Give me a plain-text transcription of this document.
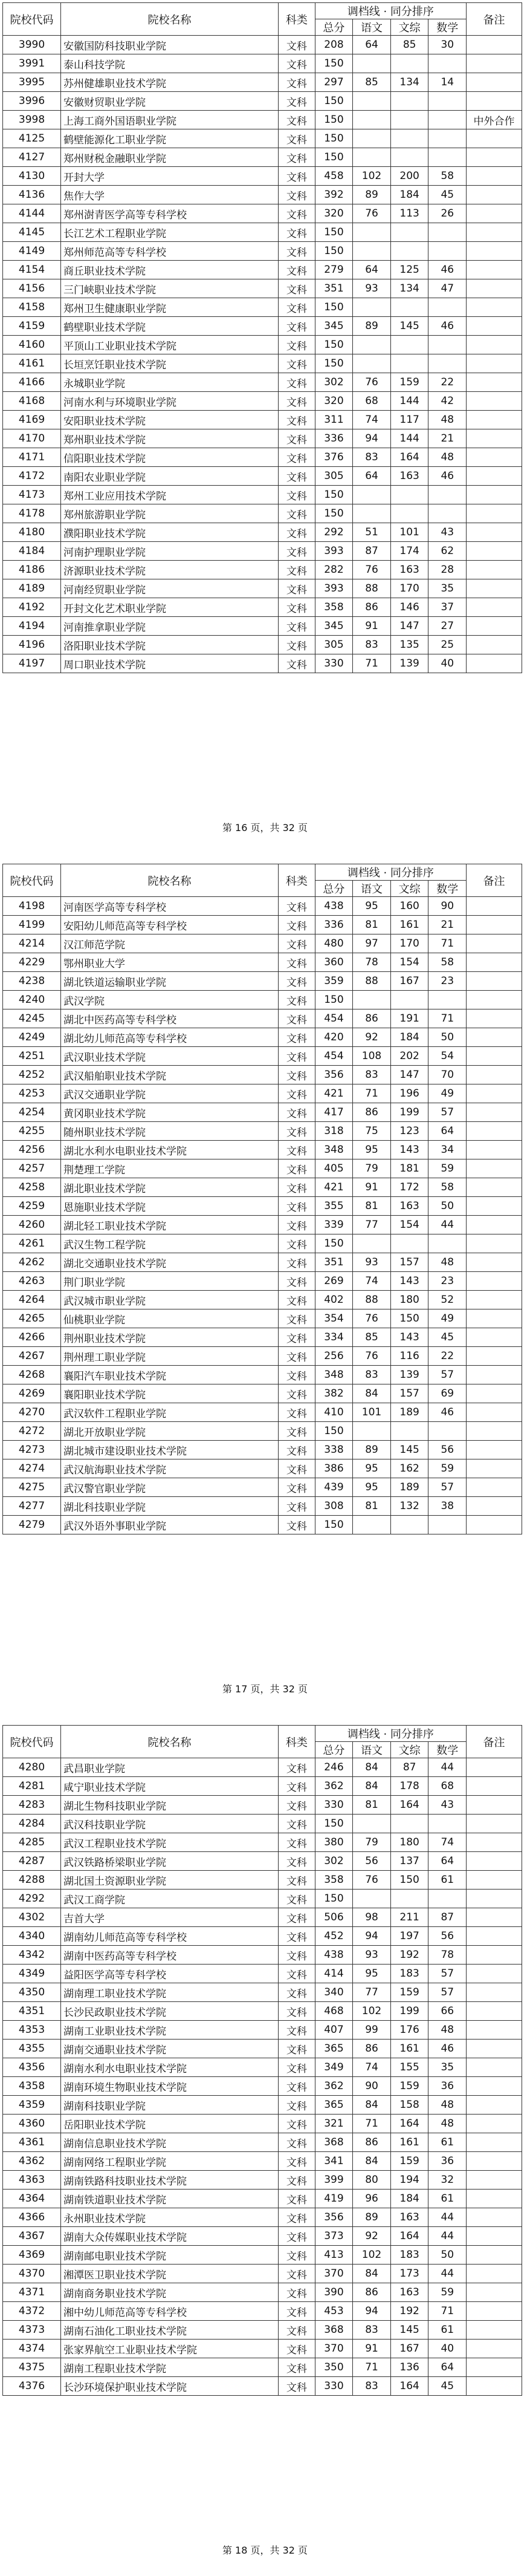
院校代码	院校名称	科类	调档线 · 同分排序				备注
			总分	语文	文综	数学	
3990	安徽国防科技职业学院	文科	208	64	85	30	
3991	泰山科技学院	文科	150				
3995	苏州健雄职业技术学院	文科	297	85	134	14	
3996	安徽财贸职业学院	文科	150				
3998	上海工商外国语职业学院	文科	150				中外合作
4125	鹤壁能源化工职业学院	文科	150				
4127	郑州财税金融职业学院	文科	150				
4130	开封大学	文科	458	102	200	58	
4136	焦作大学	文科	392	89	184	45	
4144	郑州澍青医学高等专科学校	文科	320	76	113	26	
4145	长江艺术工程职业学院	文科	150				
4149	郑州师范高等专科学校	文科	150				
4154	商丘职业技术学院	文科	279	64	125	46	
4156	三门峡职业技术学院	文科	351	93	134	47	
4158	郑州卫生健康职业学院	文科	150				
4159	鹤壁职业技术学院	文科	345	89	145	46	
4160	平顶山工业职业技术学院	文科	150				
4161	长垣烹饪职业技术学院	文科	150				
4166	永城职业学院	文科	302	76	159	22	
4168	河南水利与环境职业学院	文科	320	68	144	42	
4169	安阳职业技术学院	文科	311	74	117	48	
4170	郑州职业技术学院	文科	336	94	144	21	
4171	信阳职业技术学院	文科	376	83	164	48	
4172	南阳农业职业学院	文科	305	64	163	46	
4173	郑州工业应用技术学院	文科	150				
4178	郑州旅游职业学院	文科	150				
4180	濮阳职业技术学院	文科	292	51	101	43	
4184	河南护理职业学院	文科	393	87	174	62	
4186	济源职业技术学院	文科	282	76	163	28	
4189	河南经贸职业学院	文科	393	88	170	35	
4192	开封文化艺术职业学院	文科	358	86	146	37	
4194	河南推拿职业学院	文科	345	91	147	27	
4196	洛阳职业技术学院	文科	305	83	135	25	
4197	周口职业技术学院	文科	330	71	139	40	
第 16 页，共 32 页
院校代码	院校名称	科类	调档线 · 同分排序				备注
			总分	语文	文综	数学	
4198	河南医学高等专科学校	文科	438	95	160	90	
4199	安阳幼儿师范高等专科学校	文科	336	81	161	21	
4214	汉江师范学院	文科	480	97	170	71	
4229	鄂州职业大学	文科	360	78	154	58	
4238	湖北铁道运输职业学院	文科	359	88	167	23	
4240	武汉学院	文科	150				
4245	湖北中医药高等专科学校	文科	454	86	191	71	
4249	湖北幼儿师范高等专科学校	文科	420	92	184	50	
4251	武汉职业技术学院	文科	454	108	202	54	
4252	武汉船舶职业技术学院	文科	356	83	147	70	
4253	武汉交通职业学院	文科	421	71	196	49	
4254	黄冈职业技术学院	文科	417	86	199	57	
4255	随州职业技术学院	文科	318	75	123	64	
4256	湖北水利水电职业技术学院	文科	348	95	143	34	
4257	荆楚理工学院	文科	405	79	181	59	
4258	湖北职业技术学院	文科	421	91	172	58	
4259	恩施职业技术学院	文科	355	81	163	50	
4260	湖北轻工职业技术学院	文科	339	77	154	44	
4261	武汉生物工程学院	文科	150				
4262	湖北交通职业技术学院	文科	351	93	157	48	
4263	荆门职业学院	文科	269	74	143	23	
4264	武汉城市职业学院	文科	402	88	180	52	
4265	仙桃职业学院	文科	354	76	150	49	
4266	荆州职业技术学院	文科	334	85	143	45	
4267	荆州理工职业学院	文科	256	76	116	22	
4268	襄阳汽车职业技术学院	文科	348	83	139	57	
4269	襄阳职业技术学院	文科	382	84	157	69	
4270	武汉软件工程职业学院	文科	410	101	189	46	
4272	湖北开放职业学院	文科	150				
4273	湖北城市建设职业技术学院	文科	338	89	145	56	
4274	武汉航海职业技术学院	文科	386	95	162	59	
4275	武汉警官职业学院	文科	439	95	189	57	
4277	湖北科技职业学院	文科	308	81	132	38	
4279	武汉外语外事职业学院	文科	150				
第 17 页，共 32 页
院校代码	院校名称	科类	调档线 · 同分排序				备注
			总分	语文	文综	数学	
4280	武昌职业学院	文科	246	84	87	44	
4281	咸宁职业技术学院	文科	362	84	178	68	
4283	湖北生物科技职业学院	文科	330	81	164	43	
4284	武汉科技职业学院	文科	150				
4285	武汉工程职业技术学院	文科	380	79	180	74	
4287	武汉铁路桥梁职业学院	文科	302	56	137	64	
4288	湖北国土资源职业学院	文科	358	76	150	61	
4292	武汉工商学院	文科	150				
4302	吉首大学	文科	506	98	211	87	
4340	湖南幼儿师范高等专科学校	文科	452	94	197	56	
4342	湖南中医药高等专科学校	文科	438	93	192	78	
4349	益阳医学高等专科学校	文科	414	95	183	57	
4350	湖南理工职业技术学院	文科	340	77	159	57	
4351	长沙民政职业技术学院	文科	468	102	199	66	
4353	湖南工业职业技术学院	文科	407	99	176	48	
4355	湖南交通职业技术学院	文科	365	86	161	46	
4356	湖南水利水电职业技术学院	文科	349	74	155	35	
4358	湖南环境生物职业技术学院	文科	362	90	159	36	
4359	湖南科技职业学院	文科	365	84	158	48	
4360	岳阳职业技术学院	文科	321	71	164	48	
4361	湖南信息职业技术学院	文科	368	86	161	61	
4362	湖南网络工程职业学院	文科	341	84	159	36	
4363	湖南铁路科技职业技术学院	文科	399	80	194	32	
4364	湖南铁道职业技术学院	文科	419	96	184	61	
4366	永州职业技术学院	文科	356	89	163	44	
4367	湖南大众传媒职业技术学院	文科	373	92	164	44	
4369	湖南邮电职业技术学院	文科	413	102	183	50	
4370	湘潭医卫职业技术学院	文科	370	84	173	44	
4371	湖南商务职业技术学院	文科	390	86	163	59	
4372	湘中幼儿师范高等专科学校	文科	453	94	192	71	
4373	湖南石油化工职业技术学院	文科	368	83	145	61	
4374	张家界航空工业职业技术学院	文科	370	91	167	40	
4375	湖南工程职业技术学院	文科	350	71	136	64	
4376	长沙环境保护职业技术学院	文科	330	83	164	45	
第 18 页，共 32 页
